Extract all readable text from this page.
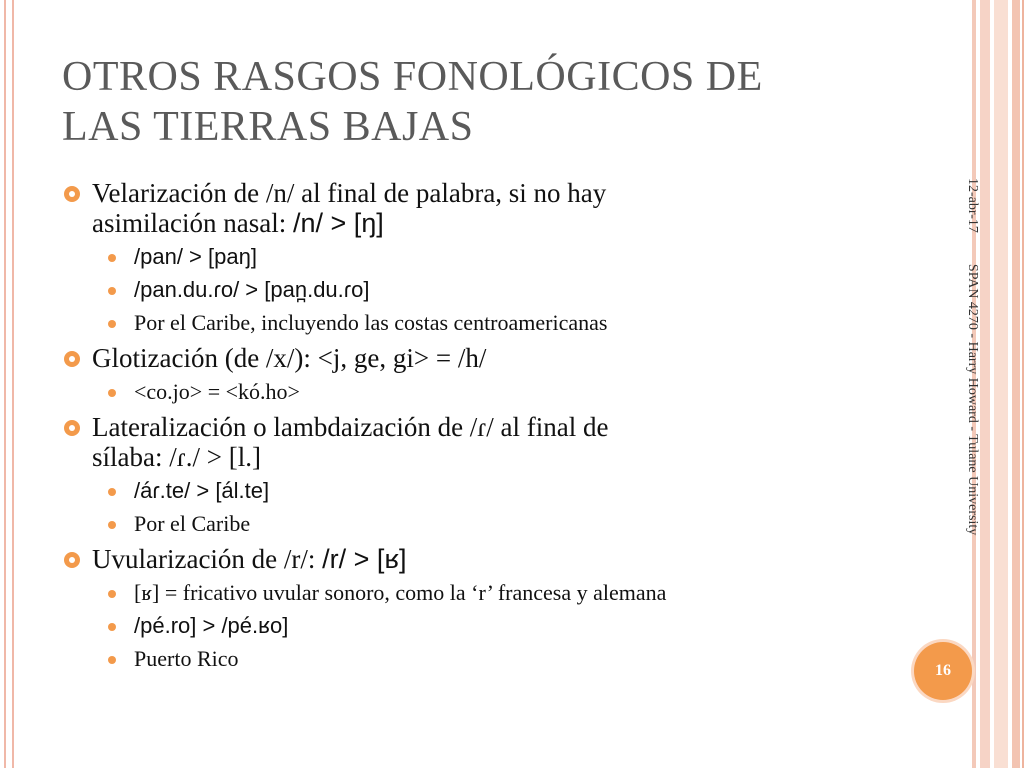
OTROS RASGOS FONOLÓGICOS DE
LAS TIERRAS BAJAS
Velarización de /n/ al final de palabra, si no hay
asimilación nasal: /n/ > [ŋ]
/pan/ > [paŋ]
/pan.du.ɾo/ > [pan̪.du.ɾo]
Por el Caribe, incluyendo las costas centroamericanas
Glotización (de /x/): <j, ge, gi> = /h/
<co.jo> = <kó.ho>
Lateralización o lambdaización de /ɾ/ al final de
sílaba: /ɾ./ > [l.]
/áɾ.te/ > [ál.te]
Por el Caribe
Uvularización de /r/: /r/ > [ʁ]
[ʁ] = fricativo uvular sonoro, como la ‘r’ francesa y alemana
/pé.ro] > /pé.ʁo]
Puerto Rico
12-abr-17  SPAN 4270 - Harry Howard - Tulane University
16
